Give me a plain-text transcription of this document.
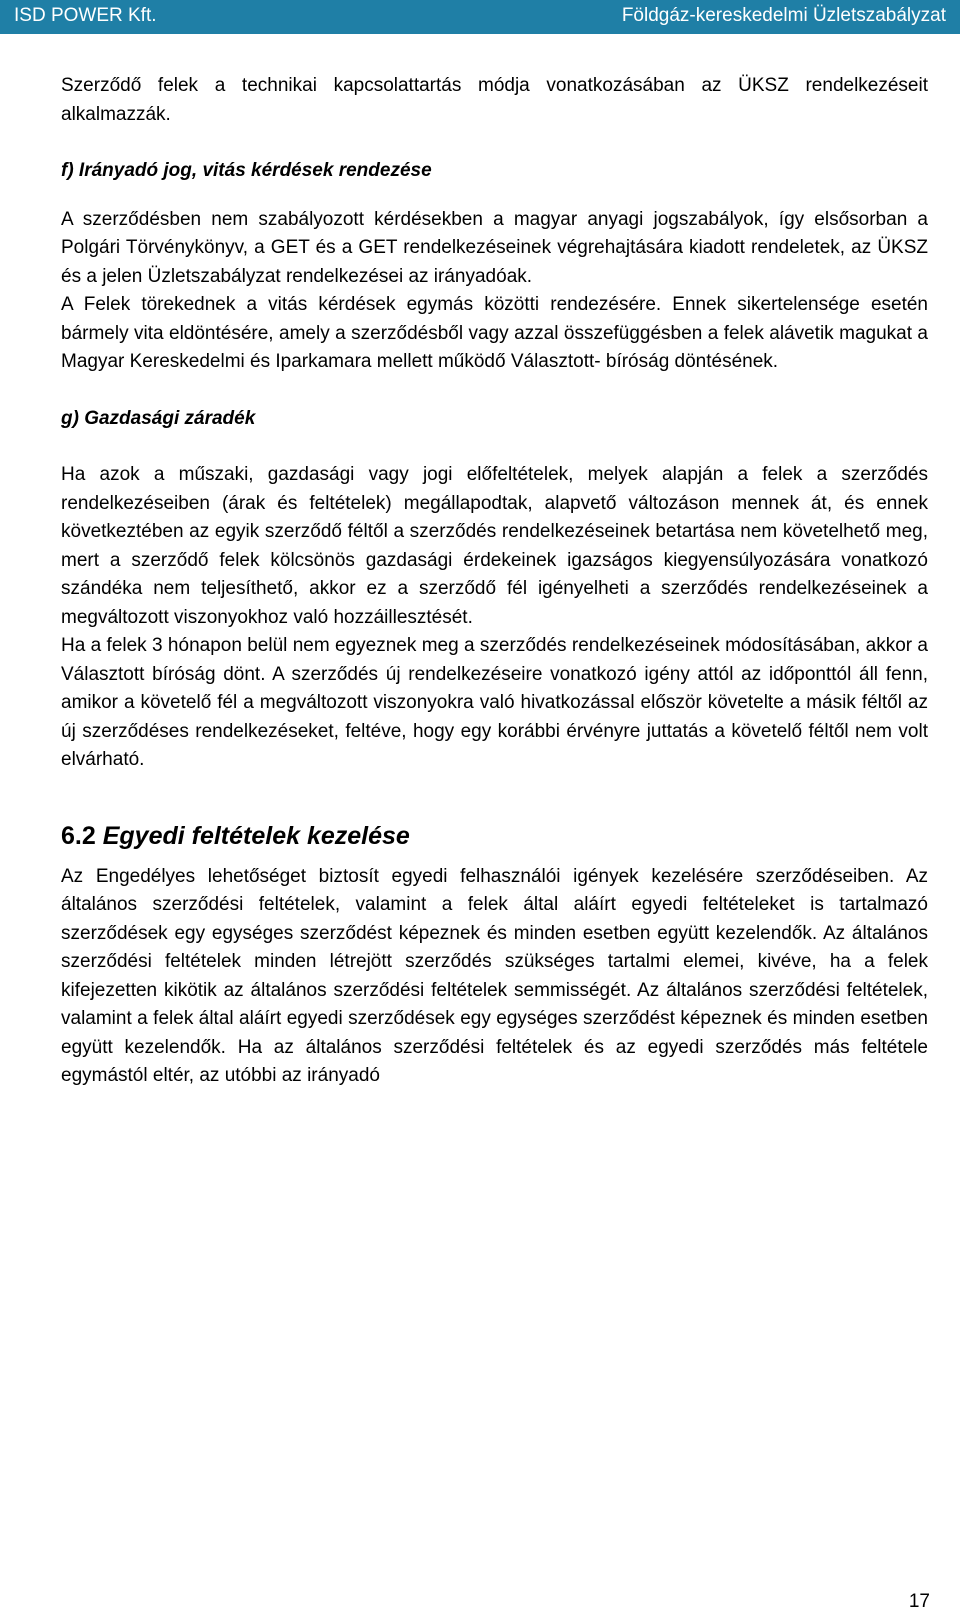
ISD POWER Kft.	Földgáz-kereskedelmi Üzletszabályzat

Szerződő felek a technikai kapcsolattartás módja vonatkozásában az ÜKSZ rendelkezéseit alkalmazzák.

f) Irányadó jog, vitás kérdések rendezése

A szerződésben nem szabályozott kérdésekben a magyar anyagi jogszabályok, így elsősorban a Polgári Törvénykönyv, a GET és a GET rendelkezéseinek végrehajtására kiadott rendeletek, az ÜKSZ és a jelen Üzletszabályzat rendelkezései az irányadóak.

A Felek törekednek a vitás kérdések egymás közötti rendezésére. Ennek sikertelensége esetén bármely vita eldöntésére, amely a szerződésből vagy azzal összefüggésben a felek alávetik magukat a Magyar Kereskedelmi és Iparkamara mellett működő Választott- bíróság döntésének.

g) Gazdasági záradék

Ha azok a műszaki, gazdasági vagy jogi előfeltételek, melyek alapján a felek a szerződés rendelkezéseiben (árak és feltételek) megállapodtak, alapvető változáson mennek át, és ennek következtében az egyik szerződő féltől a szerződés rendelkezéseinek betartása nem követelhető meg, mert a szerződő felek kölcsönös gazdasági érdekeinek igazságos kiegyensúlyozására vonatkozó szándéka nem teljesíthető, akkor ez a szerződő fél igényelheti a szerződés rendelkezéseinek a megváltozott viszonyokhoz való hozzáillesztését.

Ha a felek 3 hónapon belül nem egyeznek meg a szerződés rendelkezéseinek módosításában, akkor a Választott bíróság dönt. A szerződés új rendelkezéseire vonatkozó igény attól az időponttól áll fenn, amikor a követelő fél a megváltozott viszonyokra való hivatkozással először követelte a másik féltől az új szerződéses rendelkezéseket, feltéve, hogy egy korábbi érvényre juttatás a követelő féltől nem volt elvárható.

6.2 Egyedi feltételek kezelése

Az Engedélyes lehetőséget biztosít egyedi felhasználói igények kezelésére szerződéseiben. Az általános szerződési feltételek, valamint a felek által aláírt egyedi feltételeket is tartalmazó szerződések egy egységes szerződést képeznek és minden esetben együtt kezelendők. Az általános szerződési feltételek minden létrejött szerződés szükséges tartalmi elemei, kivéve, ha a felek kifejezetten kikötik az általános szerződési feltételek semmisségét. Az általános szerződési feltételek, valamint a felek által aláírt egyedi szerződések egy egységes szerződést képeznek és minden esetben együtt kezelendők. Ha az általános szerződési feltételek és az egyedi szerződés más feltétele egymástól eltér, az utóbbi az irányadó

17
